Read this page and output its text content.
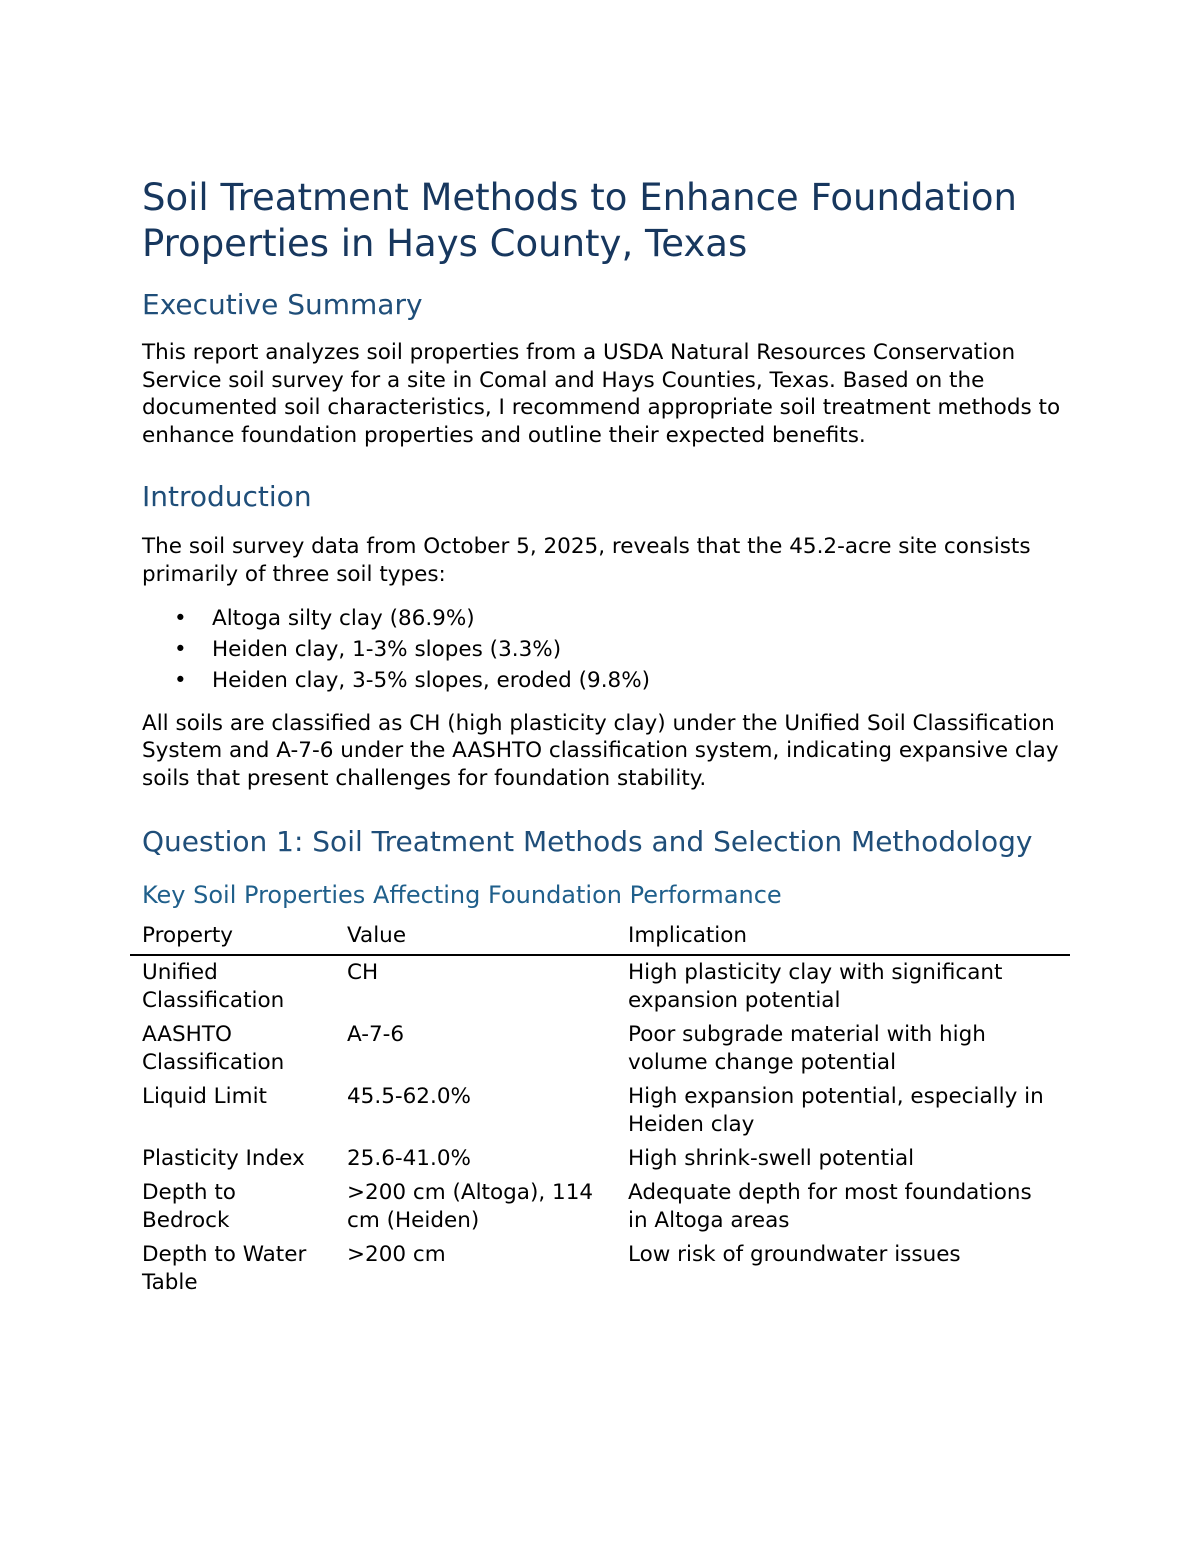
Soil Treatment Methods to Enhance Foundation Properties in Hays County, Texas
Executive Summary

This report analyzes soil properties from a USDA Natural Resources Conservation Service soil survey for a site in Comal and Hays Counties, Texas. Based on the documented soil characteristics, I recommend appropriate soil treatment methods to enhance foundation properties and outline their expected benefits.

Introduction

The soil survey data from October 5, 2025, reveals that the 45.2-acre site consists primarily of three soil types:

• Altoga silty clay (86.9%)
• Heiden clay, 1-3% slopes (3.3%)
• Heiden clay, 3-5% slopes, eroded (9.8%)

All soils are classified as CH (high plasticity clay) under the Unified Soil Classification System and A-7-6 under the AASHTO classification system, indicating expansive clay soils that present challenges for foundation stability.

Question 1: Soil Treatment Methods and Selection Methodology
Key Soil Properties Affecting Foundation Performance
Property	Value	Implication
Unified Classification	CH	High plasticity clay with significant expansion potential
AASHTO Classification	A-7-6	Poor subgrade material with high volume change potential
Liquid Limit	45.5-62.0%	High expansion potential, especially in Heiden clay
Plasticity Index	25.6-41.0%	High shrink-swell potential
Depth to Bedrock	>200 cm (Altoga), 114 cm (Heiden)	Adequate depth for most foundations in Altoga areas
Depth to Water Table	>200 cm	Low risk of groundwater issues
